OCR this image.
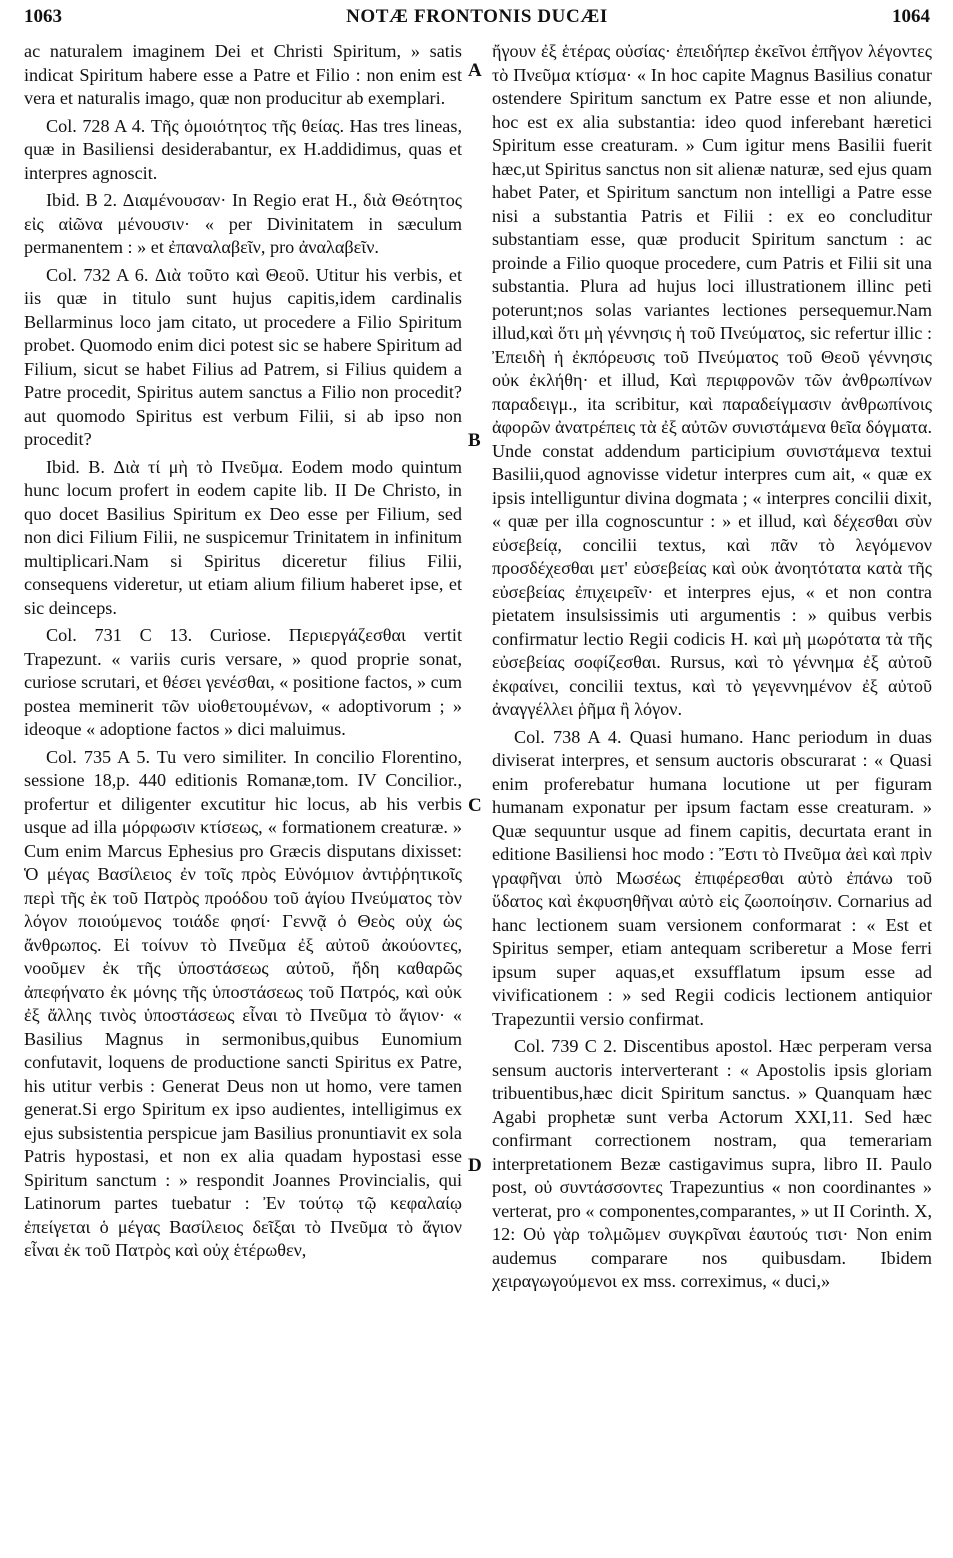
1063	NOTÆ FRONTONIS DUCÆI	1064

ac naturalem imaginem Dei et Christi Spiritum, » satis indicat Spiritum habere esse a Patre et Filio : non enim est vera et naturalis imago, quæ non producitur ab exemplari.

Col. 728 A 4. Τῆς ὁμοιότητος τῆς θείας. Has tres lineas, quæ in Basiliensi desiderabantur, ex H.addidimus, quas et interpres agnoscit.

Ibid. B 2. Διαμένουσαν· In Regio erat H., διὰ Θεότητος εἰς αἰῶνα μένουσιν· « per Divinitatem in sæculum permanentem : » et ἐπαναλαβεῖν, pro ἀναλαβεῖν.

Col. 732 A 6. Διὰ τοῦτο καὶ Θεοῦ. Utitur his verbis, et iis quæ in titulo sunt hujus capitis,idem cardinalis Bellarminus loco jam citato, ut procedere a Filio Spiritum probet. Quomodo enim dici potest sic se habere Spiritum ad Filium, sicut se habet Filius ad Patrem, si Filius quidem a Patre procedit, Spiritus autem sanctus a Filio non procedit? aut quomodo Spiritus est verbum Filii, si ab ipso non procedit?

Ibid. B. Διὰ τί μὴ τὸ Πνεῦμα. Eodem modo quintum hunc locum profert in eodem capite lib. II De Christo, in quo docet Basilius Spiritum ex Deo esse per Filium, sed non dici Filium Filii, ne suspicemur Trinitatem in infinitum multiplicari.Nam si Spiritus diceretur filius Filii, consequens videretur, ut etiam alium filium haberet ipse, et sic deinceps.

Col. 731 C 13. Curiose. Περιεργάζεσθαι vertit Trapezunt. « variis curis versare, » quod proprie sonat, curiose scrutari, et θέσει γενέσθαι, « positione factos, » cum postea meminerit τῶν υἱοθετουμένων, « adoptivorum ; » ideoque « adoptione factos » dici maluimus.

Col. 735 A 5. Tu vero similiter. In concilio Florentino, sessione 18,p. 440 editionis Romanæ,tom. IV Concilior., profertur et diligenter excutitur hic locus, ab his verbis usque ad illa μόρφωσιν κτίσεως, « formationem creaturæ. » Cum enim Marcus Ephesius pro Græcis disputans dixisset: Ὁ μέγας Βασίλειος ἐν τοῖς πρὸς Εὐνόμιον ἀντιῤῥητικοῖς περὶ τῆς ἐκ τοῦ Πατρὸς προόδου τοῦ ἁγίου Πνεύματος τὸν λόγον ποιούμενος τοιάδε φησί· Γεννᾷ ὁ Θεὸς οὐχ ὡς ἄνθρωπος. Εἰ τοίνυν τὸ Πνεῦμα ἐξ αὐτοῦ ἀκούοντες, νοοῦμεν ἐκ τῆς ὑποστάσεως αὐτοῦ, ἤδη καθαρῶς ἀπεφήνατο ἐκ μόνης τῆς ὑποστάσεως τοῦ Πατρός, καὶ οὐκ ἐξ ἄλλης τινὸς ὑποστάσεως εἶναι τὸ Πνεῦμα τὸ ἅγιον· « Basilius Magnus in sermonibus,quibus Eunomium confutavit, loquens de productione sancti Spiritus ex Patre, his utitur verbis : Generat Deus non ut homo, vere tamen generat.Si ergo Spiritum ex ipso audientes, intelligimus ex ejus subsistentia perspicue jam Basilius pronuntiavit ex sola Patris hypostasi, et non ex alia quadam hypostasi esse Spiritum sanctum : » respondit Joannes Provincialis, qui Latinorum partes tuebatur : Ἐν τούτῳ τῷ κεφαλαίῳ ἐπείγεται ὁ μέγας Βασίλειος δεῖξαι τὸ Πνεῦμα τὸ ἅγιον εἶναι ἐκ τοῦ Πατρὸς καὶ οὐχ ἑτέρωθεν,

ἤγουν ἐξ ἑτέρας οὐσίας· ἐπειδήπερ ἐκεῖνοι ἐπῆγον λέγοντες τὸ Πνεῦμα κτίσμα· « In hoc capite Magnus Basilius conatur ostendere Spiritum sanctum ex Patre esse et non aliunde, hoc est ex alia substantia: ideo quod inferebant hæretici Spiritum esse creaturam. » Cum igitur mens Basilii fuerit hæc,ut Spiritus sanctus non sit alienæ naturæ, sed ejus quam habet Pater, et Spiritum sanctum non intelligi a Patre esse nisi a substantia Patris et Filii : ex eo concluditur substantiam esse, quæ producit Spiritum sanctum : ac proinde a Filio quoque procedere, cum Patris et Filii sit una substantia. Plura ad hujus loci illustrationem illinc peti poterunt;nos solas variantes lectiones persequemur.Nam illud,καὶ ὅτι μὴ γέννησις ἡ τοῦ Πνεύματος, sic refertur illic : Ἐπειδὴ ἡ ἐκπόρευσις τοῦ Πνεύματος τοῦ Θεοῦ γέννησις οὐκ ἐκλήθη· et illud, Καὶ περιφρονῶν τῶν ἀνθρωπίνων παραδειγμ., ita scribitur, καὶ παραδείγμασιν ἀνθρωπίνοις ἀφορῶν ἀνατρέπεις τὰ ἐξ αὐτῶν συνιστάμενα θεῖα δόγματα. Unde constat addendum participium συνιστάμενα textui Basilii,quod agnovisse videtur interpres cum ait, « quæ ex ipsis intelliguntur divina dogmata ; « interpres concilii dixit, « quæ per illa cognoscuntur : » et illud, καὶ δέχεσθαι σὺν εὐσεβείᾳ, concilii textus, καὶ πᾶν τὸ λεγόμενον προσδέχεσθαι μετ' εὐσεβείας καὶ οὐκ ἀνοητότατα κατὰ τῆς εὐσεβείας ἐπιχειρεῖν· et interpres ejus, « et non contra pietatem insulsissimis uti argumentis : » quibus verbis confirmatur lectio Regii codicis H. καὶ μὴ μωρότατα τὰ τῆς εὐσεβείας σοφίζεσθαι. Rursus, καὶ τὸ γέννημα ἐξ αὐτοῦ ἐκφαίνει, concilii textus, καὶ τὸ γεγεννημένον ἐξ αὐτοῦ ἀναγγέλλει ῥῆμα ἢ λόγον.

Col. 738 A 4. Quasi humano. Hanc periodum in duas diviserat interpres, et sensum auctoris obscurarat : « Quasi enim proferebatur humana locutione ut per figuram humanam exponatur per ipsum factam esse creaturam. » Quæ sequuntur usque ad finem capitis, decurtata erant in editione Basiliensi hoc modo : Ἔστι τὸ Πνεῦμα ἀεὶ καὶ πρὶν γραφῆναι ὑπὸ Μωσέως ἐπιφέρεσθαι αὐτὸ ἐπάνω τοῦ ὕδατος καὶ ἐκφυσηθῆναι αὐτὸ εἰς ζωοποίησιν. Cornarius ad hanc lectionem suam versionem conformarat : « Est et Spiritus semper, etiam antequam scriberetur a Mose ferri ipsum super aquas,et exsufflatum ipsum esse ad vivificationem : » sed Regii codicis lectionem antiquior Trapezuntii versio confirmat.

Col. 739 C 2. Discentibus apostol. Hæc perperam versa sensum auctoris interverterant : « Apostolis ipsis gloriam tribuentibus,hæc dicit Spiritum sanctus. » Quanquam hæc Agabi prophetæ sunt verba Actorum XXI,11. Sed hæc confirmant correctionem nostram, qua temerariam interpretationem Bezæ castigavimus supra, libro II. Paulo post, οὐ συντάσσοντες Trapezuntius « non coordinantes » verterat, pro « componentes,comparantes, » ut II Corinth. X, 12: Οὐ γὰρ τολμῶμεν συγκρῖναι ἑαυτούς τισι· Non enim audemus comparare nos quibusdam. Ibidem χειραγωγούμενοι ex mss. correximus, « duci,»

A
B
C
D
